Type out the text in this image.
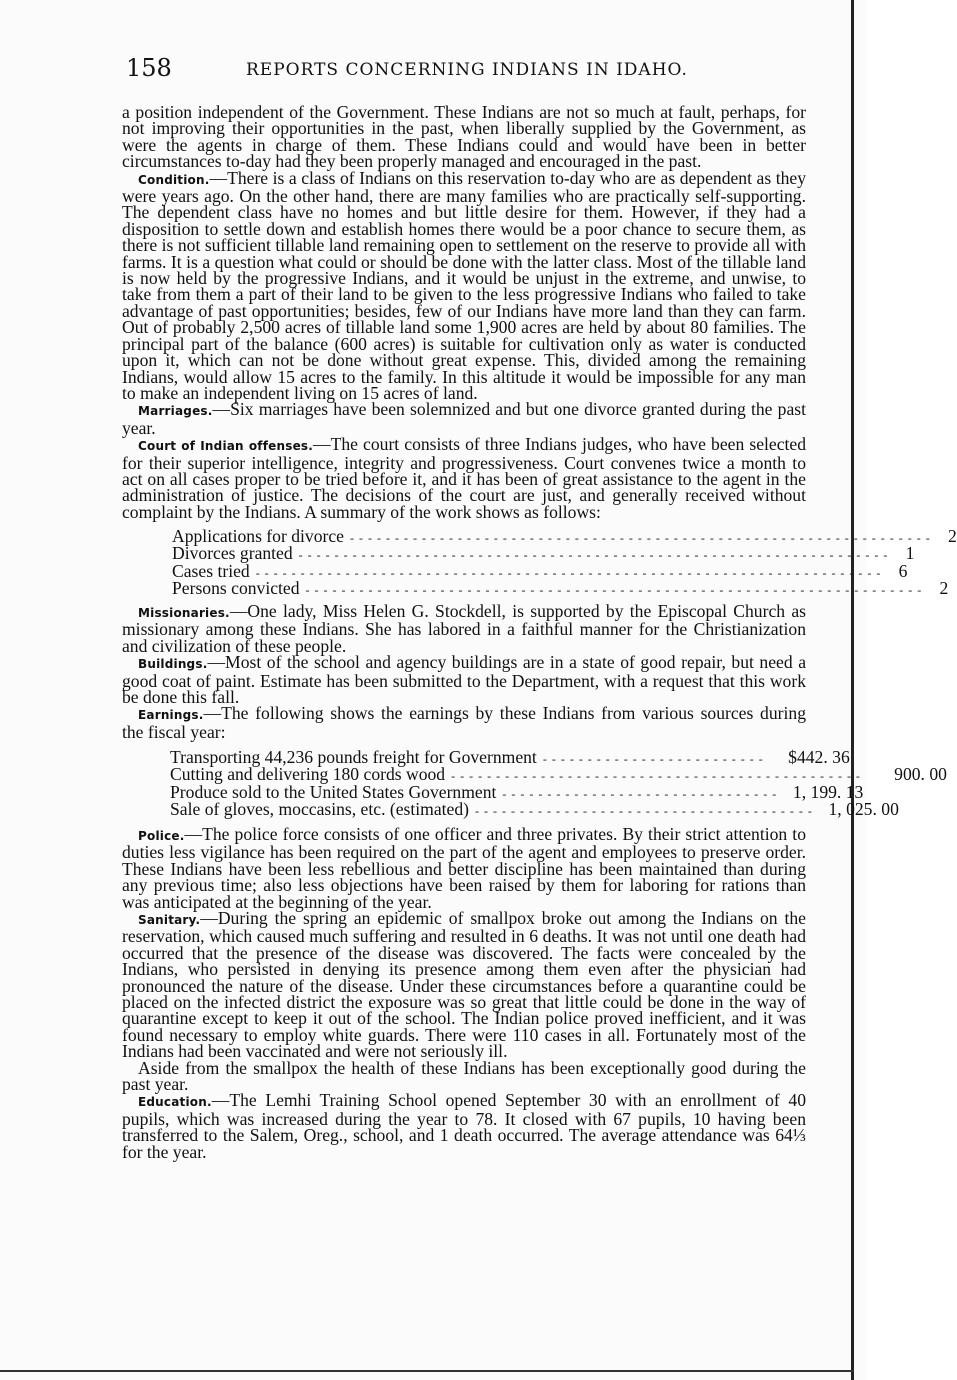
158	REPORTS CONCERNING INDIANS IN IDAHO.

a position independent of the Government. These Indians are not so much at fault, perhaps, for not improving their opportunities in the past, when liberally supplied by the Government, as were the agents in charge of them. These Indians could and would have been in better circumstances to-day had they been properly managed and encouraged in the past.

Condition.—There is a class of Indians on this reservation to-day who are as dependent as they were years ago. On the other hand, there are many families who are practically self-supporting. The dependent class have no homes and but little desire for them. However, if they had a disposition to settle down and establish homes there would be a poor chance to secure them, as there is not sufficient tillable land remaining open to settlement on the reserve to provide all with farms. It is a question what could or should be done with the latter class. Most of the tillable land is now held by the progressive Indians, and it would be unjust in the extreme, and unwise, to take from them a part of their land to be given to the less progressive Indians who failed to take advantage of past opportunities; besides, few of our Indians have more land than they can farm. Out of probably 2,500 acres of tillable land some 1,900 acres are held by about 80 families. The principal part of the balance (600 acres) is suitable for cultivation only as water is conducted upon it, which can not be done without great expense. This, divided among the remaining Indians, would allow 15 acres to the family. In this altitude it would be impossible for any man to make an independent living on 15 acres of land.

Marriages.—Six marriages have been solemnized and but one divorce granted during the past year.

Court of Indian offenses.—The court consists of three Indians judges, who have been selected for their superior intelligence, integrity and progressiveness. Court convenes twice a month to act on all cases proper to be tried before it, and it has been of great assistance to the agent in the administration of justice. The decisions of the court are just, and generally received without complaint by the Indians. A summary of the work shows as follows:

Applications for divorce - - - - - - - - - - - - - - - - - - - - - - - - - - - - - - - - - - - - - - - - - - - - - - - - - - - - - - - - - - - - - - - - - 2
Divorces granted - - - - - - - - - - - - - - - - - - - - - - - - - - - - - - - - - - - - - - - - - - - - - - - - - - - - - - - - - - - - - - - - - - 1
Cases tried - - - - - - - - - - - - - - - - - - - - - - - - - - - - - - - - - - - - - - - - - - - - - - - - - - - - - - - - - - - - - - - - - - - - - - 6
Persons convicted - - - - - - - - - - - - - - - - - - - - - - - - - - - - - - - - - - - - - - - - - - - - - - - - - - - - - - - - - - - - - - - - - - - - - 2

Missionaries.—One lady, Miss Helen G. Stockdell, is supported by the Episcopal Church as missionary among these Indians. She has labored in a faithful manner for the Christianization and civilization of these people.

Buildings.—Most of the school and agency buildings are in a state of good repair, but need a good coat of paint. Estimate has been submitted to the Department, with a request that this work be done this fall.

Earnings.—The following shows the earnings by these Indians from various sources during the fiscal year:

Transporting 44,236 pounds freight for Government - - - - - - - - - - - - - - - - - - - - - - - - -	$442. 36
Cutting and delivering 180 cords wood - - - - - - - - - - - - - - - - - - - - - - - - - - - - - - - - - - - - - - - - - - - - - -	900. 00
Produce sold to the United States Government - - - - - - - - - - - - - - - - - - - - - - - - - - - - - - - 1, 199. 13
Sale of gloves, moccasins, etc. (estimated) - - - - - - - - - - - - - - - - - - - - - - - - - - - - - - - - - - - - - - 1, 025. 00

Police.—The police force consists of one officer and three privates. By their strict attention to duties less vigilance has been required on the part of the agent and employees to preserve order. These Indians have been less rebellious and better discipline has been maintained than during any previous time; also less objections have been raised by them for laboring for rations than was anticipated at the beginning of the year.

Sanitary.—During the spring an epidemic of smallpox broke out among the Indians on the reservation, which caused much suffering and resulted in 6 deaths. It was not until one death had occurred that the presence of the disease was discovered. The facts were concealed by the Indians, who persisted in denying its presence among them even after the physician had pronounced the nature of the disease. Under these circumstances before a quarantine could be placed on the infected district the exposure was so great that little could be done in the way of quarantine except to keep it out of the school. The Indian police proved inefficient, and it was found necessary to employ white guards. There were 110 cases in all. Fortunately most of the Indians had been vaccinated and were not seriously ill.

Aside from the smallpox the health of these Indians has been exceptionally good during the past year.

Education.—The Lemhi Training School opened September 30 with an enrollment of 40 pupils, which was increased during the year to 78. It closed with 67 pupils, 10 having been transferred to the Salem, Oreg., school, and 1 death occurred. The average attendance was 64⅓ for the year.
